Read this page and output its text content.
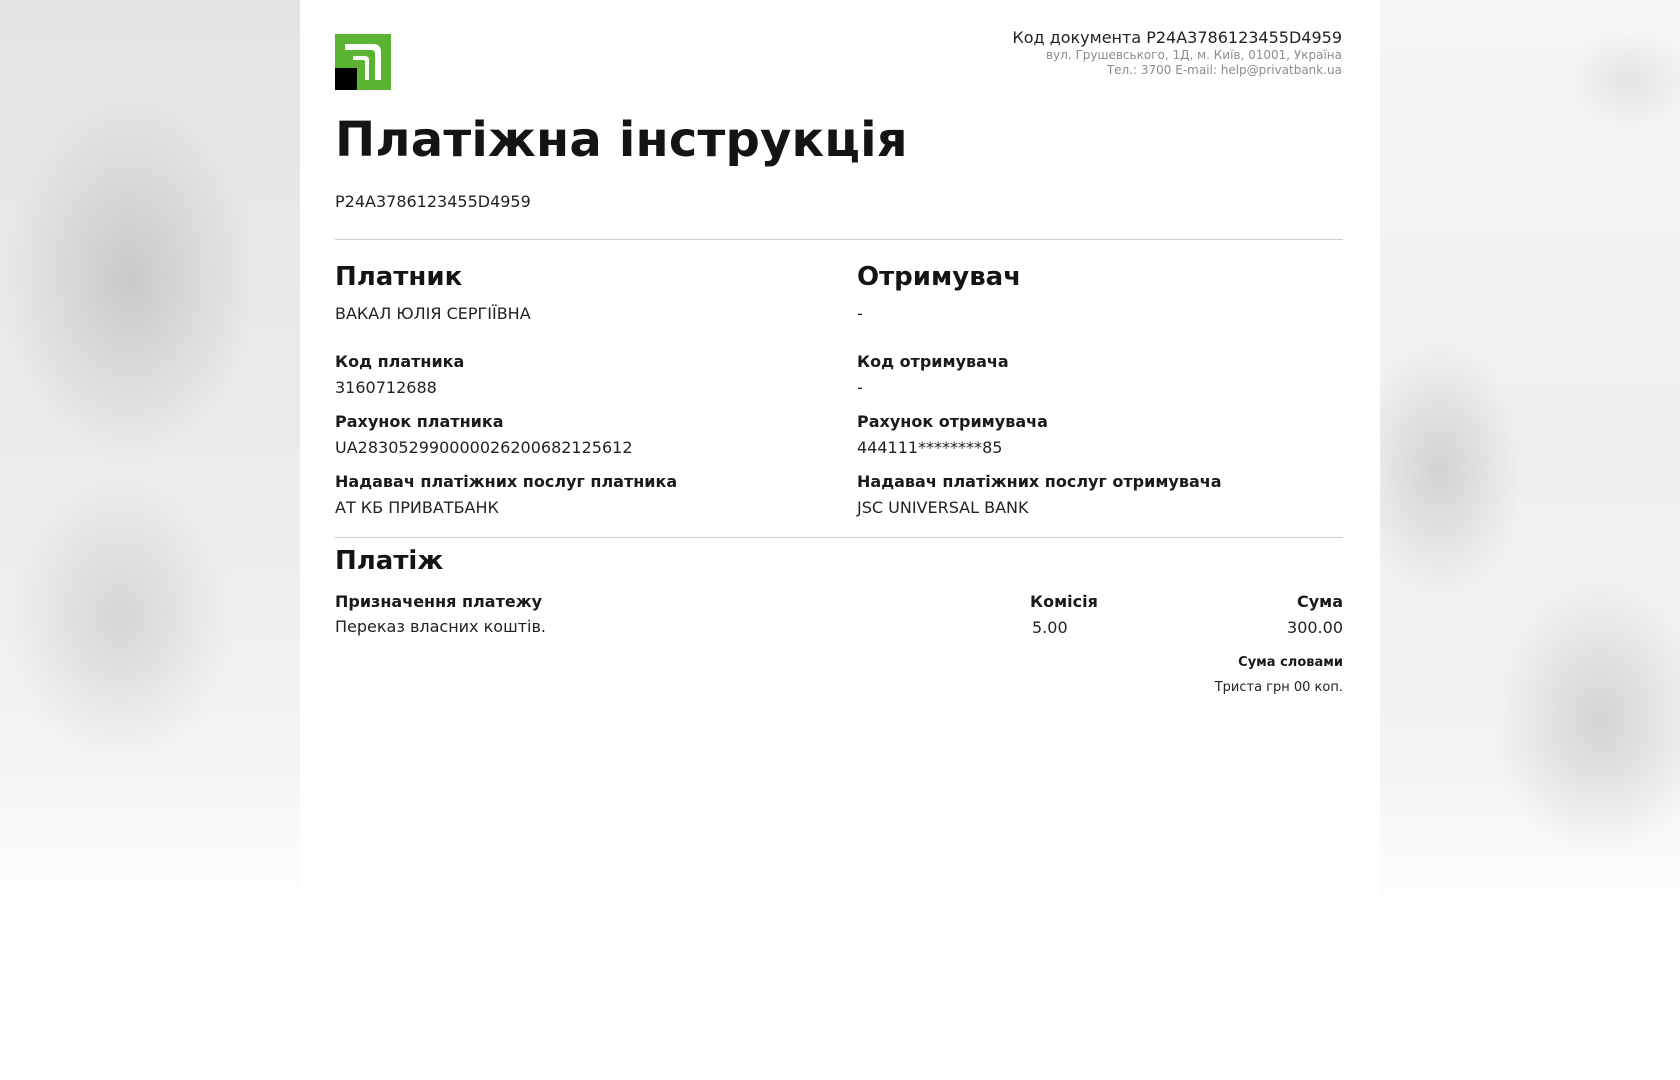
Код документа P24A3786123455D4959
вул. Грушевського, 1Д, м. Київ, 01001, Україна
Тел.: 3700 E-mail: help@privatbank.ua
Платіжна інструкція
P24A3786123455D4959
Платник
ВАКАЛ ЮЛІЯ СЕРГІЇВНА
Код платника
3160712688
Рахунок платника
UA283052990000026200682125612
Надавач платіжних послуг платника
АТ КБ ПРИВАТБАНК
Отримувач
-
Код отримувача
-
Рахунок отримувача
444111********85
Надавач платіжних послуг отримувача
JSC UNIVERSAL BANK
Платіж
Призначення платежу
Переказ власних коштів.
Комісія
5.00
Сума
300.00
Сума словами
Триста грн 00 коп.
